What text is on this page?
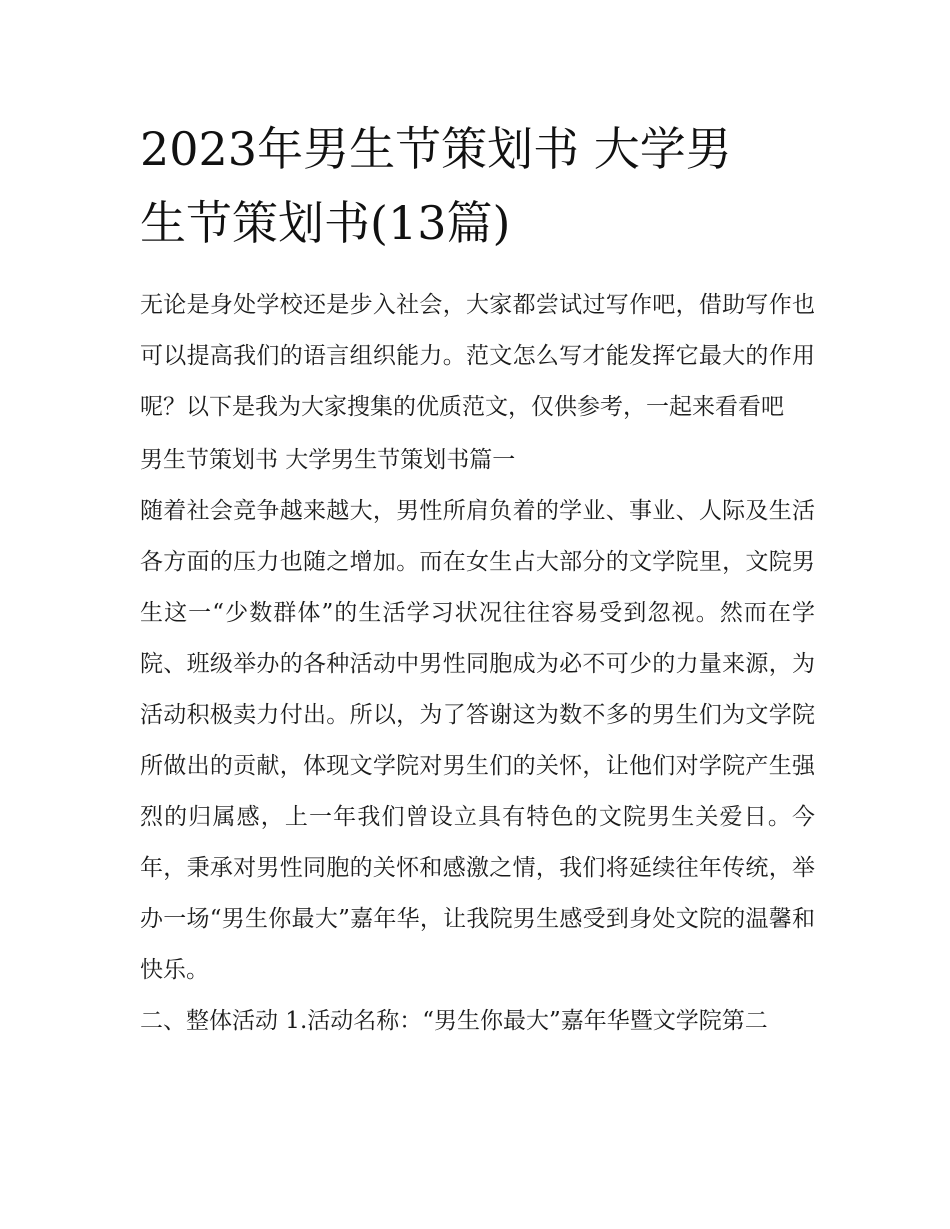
2023年男生节策划书 大学男
生节策划书(13篇)

无论是身处学校还是步入社会，大家都尝试过写作吧，借助写作也可以提高我们的语言组织能力。范文怎么写才能发挥它最大的作用呢？以下是我为大家搜集的优质范文，仅供参考，一起来看看吧

男生节策划书 大学男生节策划书篇一

随着社会竞争越来越大，男性所肩负着的学业、事业、人际及生活各方面的压力也随之增加。而在女生占大部分的文学院里，文院男生这一“少数群体”的生活学习状况往往容易受到忽视。然而在学院、班级举办的各种活动中男性同胞成为必不可少的力量来源，为活动积极卖力付出。所以，为了答谢这为数不多的男生们为文学院所做出的贡献，体现文学院对男生们的关怀，让他们对学院产生强烈的归属感，上一年我们曾设立具有特色的文院男生关爱日。今年，秉承对男性同胞的关怀和感激之情，我们将延续往年传统，举办一场“男生你最大”嘉年华，让我院男生感受到身处文院的温馨和快乐。

二、整体活动 1.活动名称：“男生你最大”嘉年华暨文学院第二
